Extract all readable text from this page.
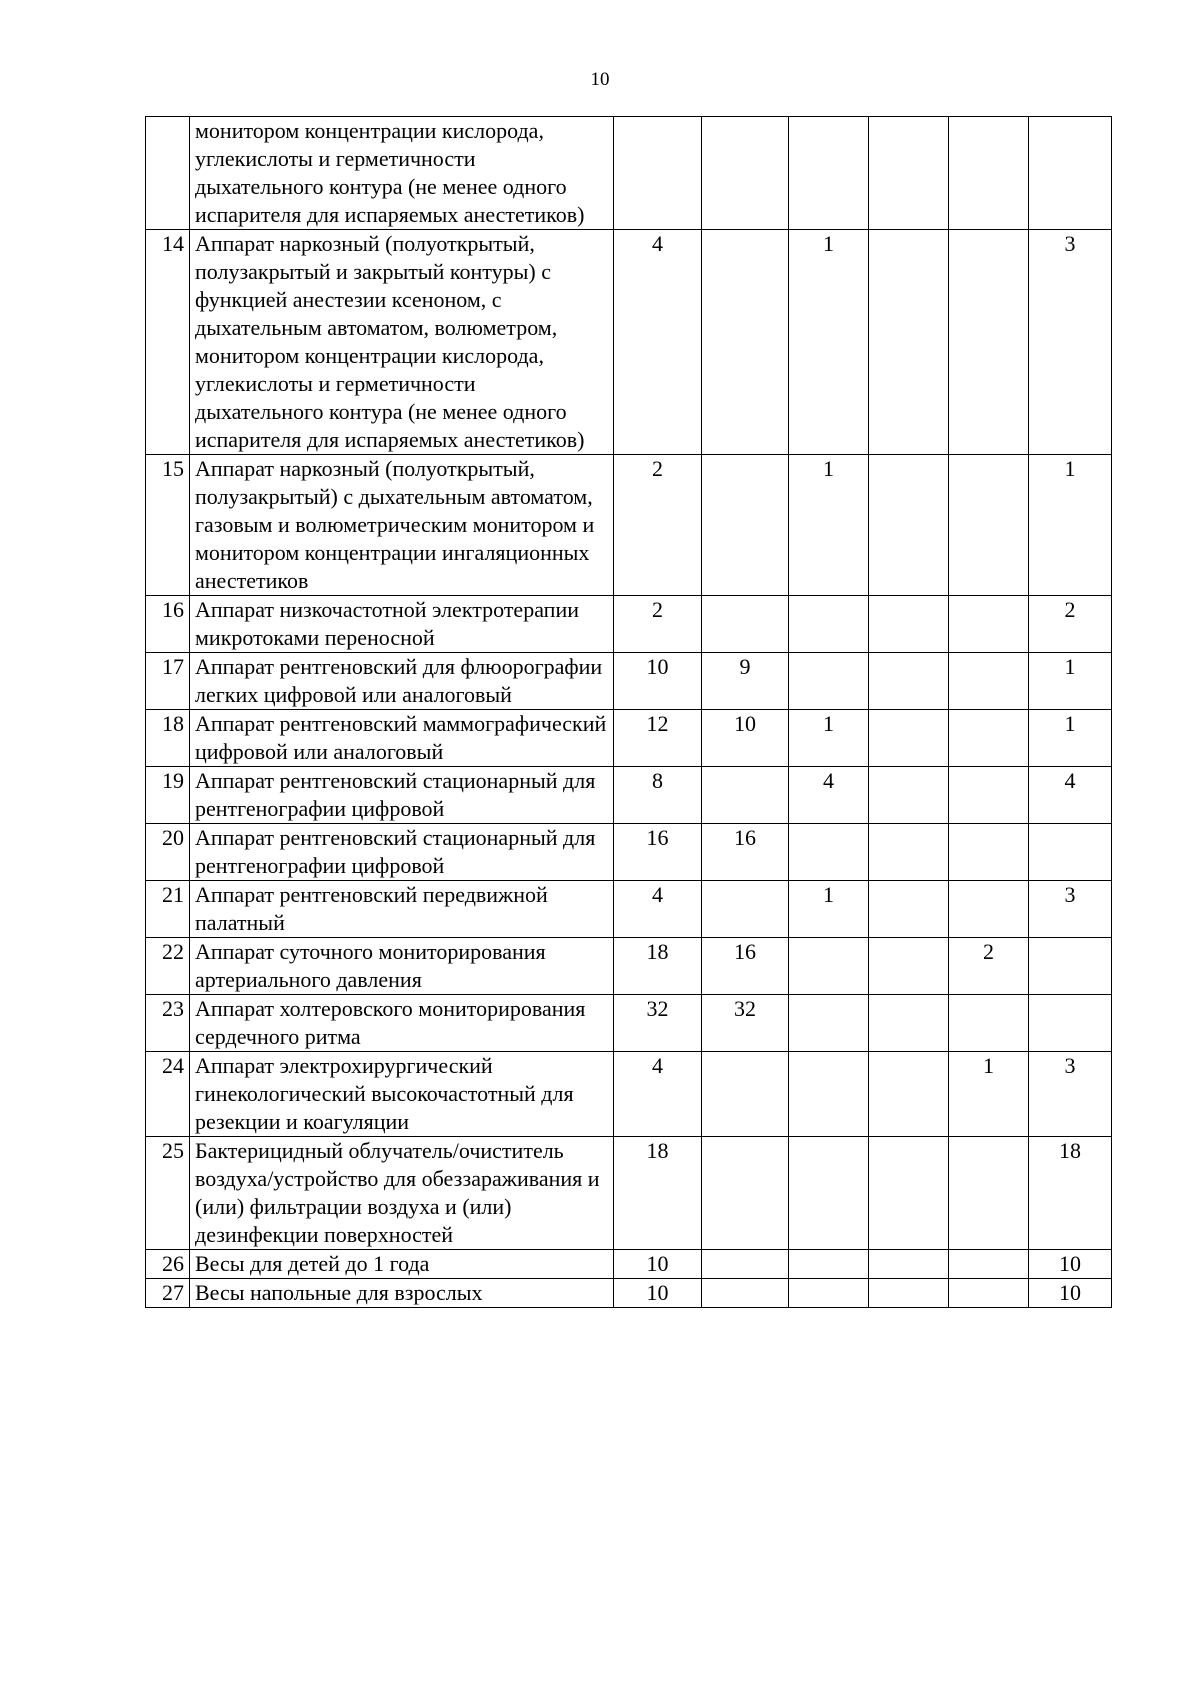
10
	монитором концентрации кислорода, углекислоты и герметичности дыхательного контура (не менее одного испарителя для испаряемых анестетиков)						
14	Аппарат наркозный (полуоткрытый, полузакрытый и закрытый контуры) с функцией анестезии ксеноном, с дыхательным автоматом, волюметром, монитором концентрации кислорода, углекислоты и герметичности дыхательного контура (не менее одного испарителя для испаряемых анестетиков)	4		1			3
15	Аппарат наркозный (полуоткрытый, полузакрытый) с дыхательным автоматом, газовым и волюметрическим монитором и монитором концентрации ингаляционных анестетиков	2		1			1
16	Аппарат низкочастотной электротерапии микротоками переносной	2					2
17	Аппарат рентгеновский для флюорографии легких цифровой или аналоговый	10	9				1
18	Аппарат рентгеновский маммографический цифровой или аналоговый	12	10	1			1
19	Аппарат рентгеновский стационарный для рентгенографии цифровой	8		4			4
20	Аппарат рентгеновский стационарный для рентгенографии цифровой	16	16				
21	Аппарат рентгеновский передвижной палатный	4		1			3
22	Аппарат суточного мониторирования артериального давления	18	16			2	
23	Аппарат холтеровского мониторирования сердечного ритма	32	32				
24	Аппарат электрохирургический гинекологический высокочастотный для резекции и коагуляции	4				1	3
25	Бактерицидный облучатель/очиститель воздуха/устройство для обеззараживания и (или) фильтрации воздуха и (или) дезинфекции поверхностей	18					18
26	Весы для детей до 1 года	10					10
27	Весы напольные для взрослых	10					10
